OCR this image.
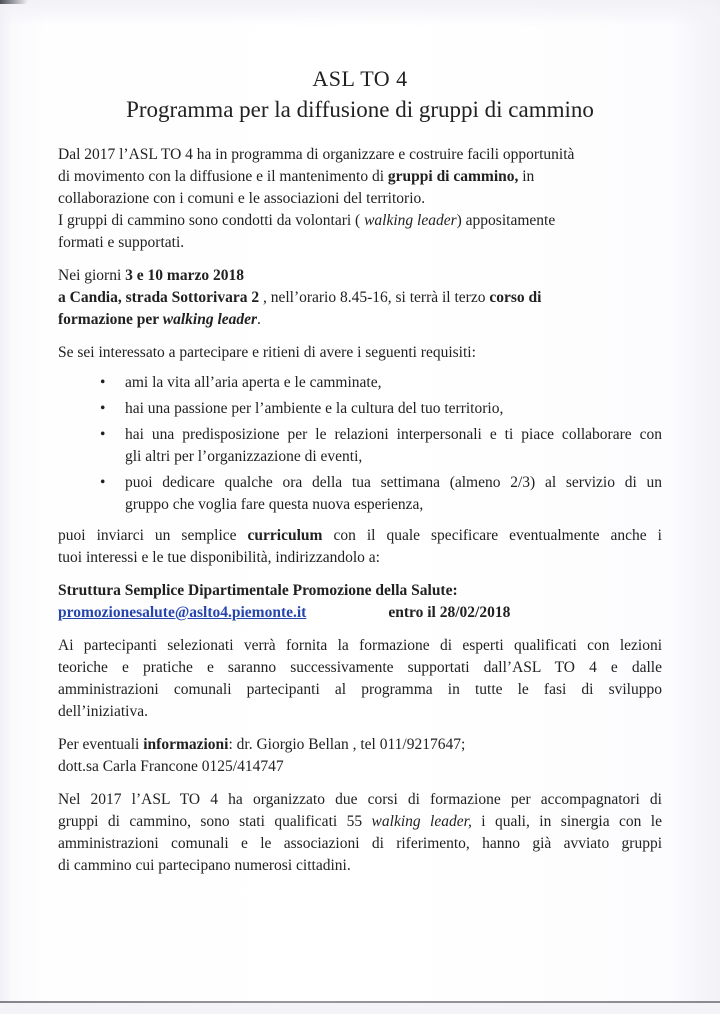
ASL TO 4
Programma per la diffusione di gruppi di cammino
Dal 2017 l’ASL TO 4 ha in programma di organizzare e costruire facili opportunità
di movimento con la diffusione e il mantenimento di gruppi di cammino, in
collaborazione con i comuni e le associazioni del territorio.
I gruppi di cammino sono condotti da volontari ( walking leader) appositamente
formati e supportati.
Nei giorni 3 e 10 marzo 2018
a Candia, strada Sottorivara 2 , nell’orario 8.45-16, si terrà il terzo corso di
formazione per walking leader.
Se sei interessato a partecipare e ritieni di avere i seguenti requisiti:
•	ami la vita all’aria aperta e le camminate,
•	hai una passione per l’ambiente e la cultura del tuo territorio,
•	hai una predisposizione per le relazioni interpersonali e ti piace collaborare con
gli altri per l’organizzazione di eventi,
•	puoi dedicare qualche ora della tua settimana (almeno 2/3) al servizio di un
gruppo che voglia fare questa nuova esperienza,
puoi inviarci un semplice curriculum con il quale specificare eventualmente anche i
tuoi interessi e le tue disponibilità, indirizzandolo a:
Struttura Semplice Dipartimentale Promozione della Salute:
promozionesalute@aslto4.piemonte.it	entro il 28/02/2018
Ai partecipanti selezionati verrà fornita la formazione di esperti qualificati con lezioni
teoriche e pratiche e saranno successivamente supportati dall’ASL TO 4 e dalle
amministrazioni comunali partecipanti al programma in tutte le fasi di sviluppo
dell’iniziativa.
Per eventuali informazioni: dr. Giorgio Bellan , tel 011/9217647;
dott.sa Carla Francone 0125/414747
Nel 2017 l’ASL TO 4 ha organizzato due corsi di formazione per accompagnatori di
gruppi di cammino, sono stati qualificati 55 walking leader, i quali, in sinergia con le
amministrazioni comunali e le associazioni di riferimento, hanno già avviato gruppi
di cammino cui partecipano numerosi cittadini.
